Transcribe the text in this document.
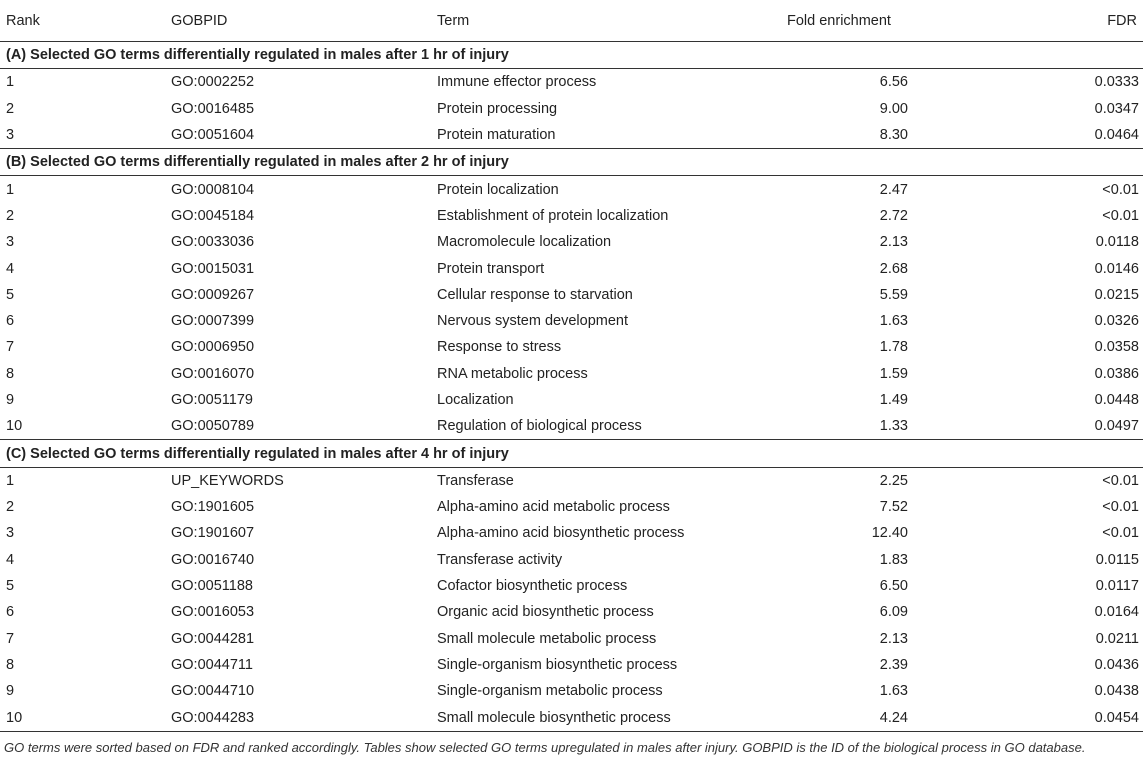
Rank	GOBPID	Term	Fold enrichment	FDR
(A) Selected GO terms differentially regulated in males after 1 hr of injury				
1	GO:0002252	Immune effector process	6.56	0.0333
2	GO:0016485	Protein processing	9.00	0.0347
3	GO:0051604	Protein maturation	8.30	0.0464
(B) Selected GO terms differentially regulated in males after 2 hr of injury				
1	GO:0008104	Protein localization	2.47	<0.01
2	GO:0045184	Establishment of protein localization	2.72	<0.01
3	GO:0033036	Macromolecule localization	2.13	0.0118
4	GO:0015031	Protein transport	2.68	0.0146
5	GO:0009267	Cellular response to starvation	5.59	0.0215
6	GO:0007399	Nervous system development	1.63	0.0326
7	GO:0006950	Response to stress	1.78	0.0358
8	GO:0016070	RNA metabolic process	1.59	0.0386
9	GO:0051179	Localization	1.49	0.0448
10	GO:0050789	Regulation of biological process	1.33	0.0497
(C) Selected GO terms differentially regulated in males after 4 hr of injury				
1	UP_KEYWORDS	Transferase	2.25	<0.01
2	GO:1901605	Alpha-amino acid metabolic process	7.52	<0.01
3	GO:1901607	Alpha-amino acid biosynthetic process	12.40	<0.01
4	GO:0016740	Transferase activity	1.83	0.0115
5	GO:0051188	Cofactor biosynthetic process	6.50	0.0117
6	GO:0016053	Organic acid biosynthetic process	6.09	0.0164
7	GO:0044281	Small molecule metabolic process	2.13	0.0211
8	GO:0044711	Single-organism biosynthetic process	2.39	0.0436
9	GO:0044710	Single-organism metabolic process	1.63	0.0438
10	GO:0044283	Small molecule biosynthetic process	4.24	0.0454
GO terms were sorted based on FDR and ranked accordingly. Tables show selected GO terms upregulated in males after injury. GOBPID is the ID of the biological process in GO database.
